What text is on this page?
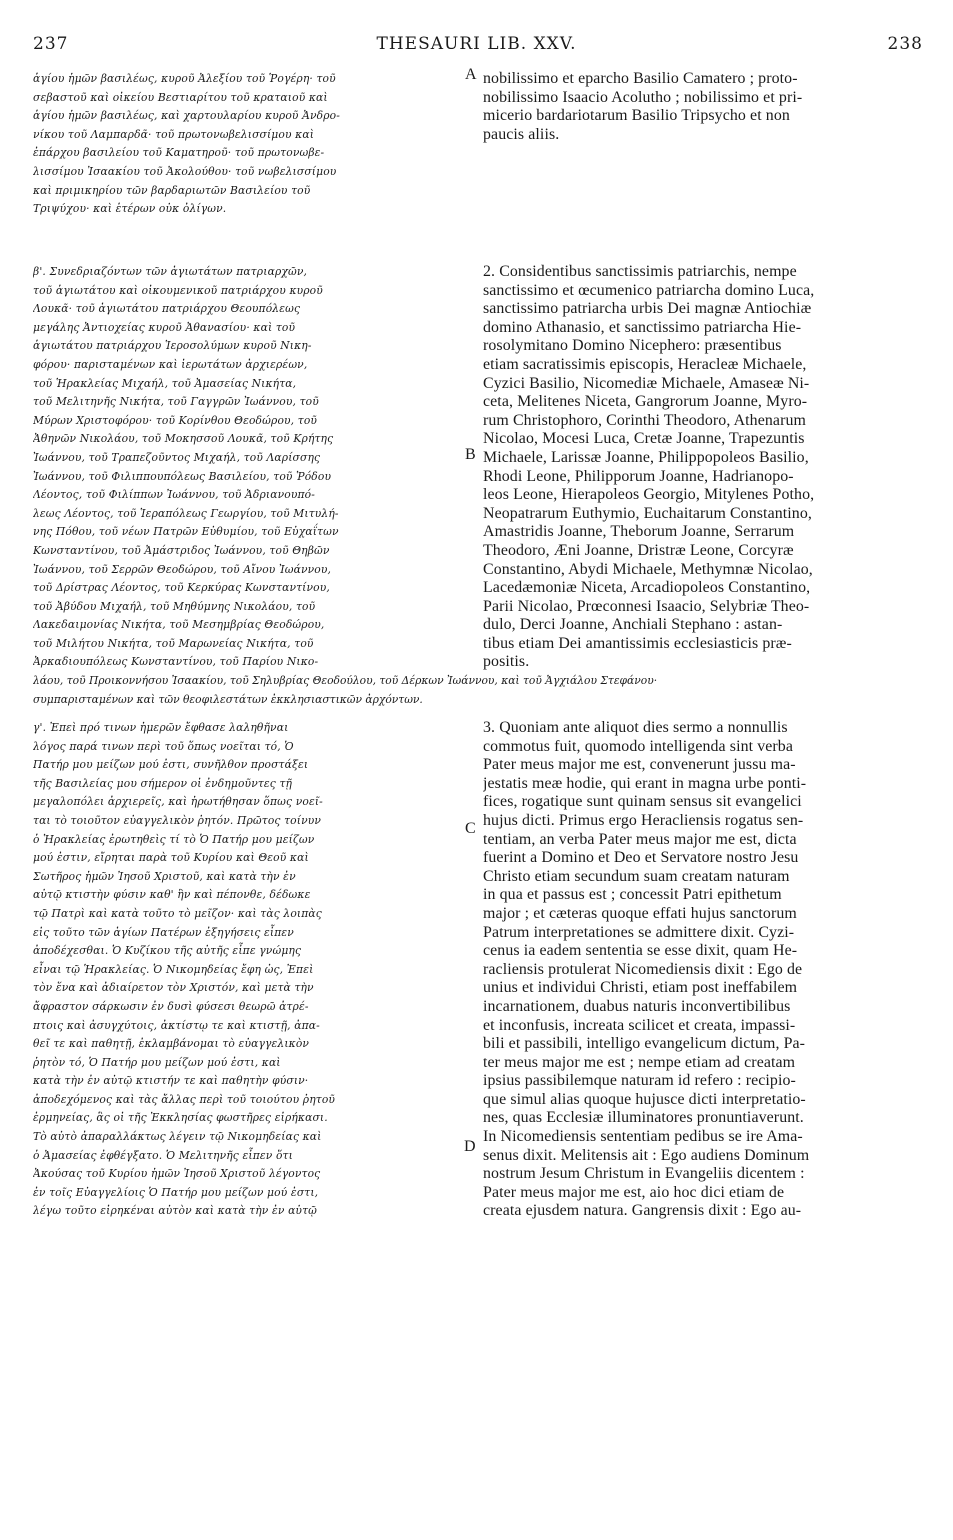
237	THESAURI LIB. XXV.	238
A
B
C
D
ἁγίου ἡμῶν βασιλέως, κυροῦ Ἀλεξίου τοῦ Ῥογέρη· τοῦ
σεβαστοῦ καὶ οἰκείου Βεστιαρίτου τοῦ κραταιοῦ καὶ
ἁγίου ἡμῶν βασιλέως, καὶ χαρτουλαρίου κυροῦ Ἀνδρο-
νίκου τοῦ Λαμπαρδᾶ· τοῦ πρωτονωβελισσίμου καὶ
ἐπάρχου βασιλείου τοῦ Καματηροῦ· τοῦ πρωτονωβε-
λισσίμου Ἰσαακίου τοῦ Ἀκολούθου· τοῦ νωβελισσίμου
καὶ πριμικηρίου τῶν βαρδαριωτῶν Βασιλείου τοῦ
Τριψύχου· καὶ ἑτέρων οὐκ ὀλίγων.
nobilissimo et eparcho Basilio Camatero ; proto-
nobilissimo Isaacio Acolutho ; nobilissimo et pri-
micerio bardariotarum Basilio Tripsycho et non
paucis aliis.
β'. Συνεδριαζόντων τῶν ἁγιωτάτων πατριαρχῶν,
τοῦ ἁγιωτάτου καὶ οἰκουμενικοῦ πατριάρχου κυροῦ
Λουκᾶ· τοῦ ἁγιωτάτου πατριάρχου Θεουπόλεως
μεγάλης Ἀντιοχείας κυροῦ Ἀθανασίου· καὶ τοῦ
ἁγιωτάτου πατριάρχου Ἱεροσολύμων κυροῦ Νικη-
φόρου· παρισταμένων καὶ ἱερωτάτων ἀρχιερέων,
τοῦ Ἡρακλείας Μιχαήλ, τοῦ Ἀμασείας Νικήτα,
τοῦ Μελιτηνῆς Νικήτα, τοῦ Γαγγρῶν Ἰωάννου, τοῦ
Μύρων Χριστοφόρου· τοῦ Κορίνθου Θεοδώρου, τοῦ
Ἀθηνῶν Νικολάου, τοῦ Μοκησσοῦ Λουκᾶ, τοῦ Κρήτης
Ἰωάννου, τοῦ Τραπεζοῦντος Μιχαήλ, τοῦ Λαρίσσης
Ἰωάννου, τοῦ Φιλιππουπόλεως Βασιλείου, τοῦ Ῥόδου
Λέοντος, τοῦ Φιλίππων Ἰωάννου, τοῦ Ἀδριανουπό-
λεως Λέοντος, τοῦ Ἱεραπόλεως Γεωργίου, τοῦ Μιτυλή-
νης Πόθου, τοῦ νέων Πατρῶν Εὐθυμίου, τοῦ Εὐχαΐτων
Κωνσταντίνου, τοῦ Ἀμάστριδος Ἰωάννου, τοῦ Θηβῶν
Ἰωάννου, τοῦ Σερρῶν Θεοδώρου, τοῦ Αἴνου Ἰωάννου,
τοῦ Δρίστρας Λέοντος, τοῦ Κερκύρας Κωνσταντίνου,
τοῦ Ἀβύδου Μιχαήλ, τοῦ Μηθύμνης Νικολάου, τοῦ
Λακεδαιμονίας Νικήτα, τοῦ Μεσημβρίας Θεοδώρου,
τοῦ Μιλήτου Νικήτα, τοῦ Μαρωνείας Νικήτα, τοῦ
Ἀρκαδιουπόλεως Κωνσταντίνου, τοῦ Παρίου Νικο-
2. Considentibus sanctissimis patriarchis, nempe
sanctissimo et œcumenico patriarcha domino Luca,
sanctissimo patriarcha urbis Dei magnæ Antiochiæ
domino Athanasio, et sanctissimo patriarcha Hie-
rosolymitano Domino Nicephero: præsentibus
etiam sacratissimis episcopis, Heracleæ Michaele,
Cyzici Basilio, Nicomediæ Michaele, Amaseæ Ni-
ceta, Melitenes Niceta, Gangrorum Joanne, Myro-
rum Christophoro, Corinthi Theodoro, Athenarum
Nicolao, Mocesi Luca, Cretæ Joanne, Trapezuntis
Michaele, Larissæ Joanne, Philippopoleos Basilio,
Rhodi Leone, Philipporum Joanne, Hadrianopo-
leos Leone, Hierapoleos Georgio, Mitylenes Potho,
Neopatrarum Euthymio, Euchaitarum Constantino,
Amastridis Joanne, Theborum Joanne, Serrarum
Theodoro, Æni Joanne, Dristræ Leone, Corcyræ
Constantino, Abydi Michaele, Methymnæ Nicolao,
Lacedæmoniæ Niceta, Arcadiopoleos Constantino,
Parii Nicolao, Prœconnesi Isaacio, Selybriæ Theo-
dulo, Derci Joanne, Anchiali Stephano : astan-
tibus etiam Dei amantissimis ecclesiasticis præ-
positis.
λάου, τοῦ Προικοννήσου Ἰσαακίου, τοῦ Σηλυβρίας Θεοδούλου, τοῦ Δέρκων Ἰωάννου, καὶ τοῦ Ἀγχιάλου Στεφάνου·
συμπαρισταμένων καὶ τῶν θεοφιλεστάτων ἐκκλησιαστικῶν ἀρχόντων.
γ'. Ἐπεὶ πρό τινων ἡμερῶν ἔφθασε λαληθῆναι
λόγος παρά τινων περὶ τοῦ ὅπως νοεῖται τό, Ὁ
Πατήρ μου μείζων μού ἐστι, συνῆλθον προστάξει
τῆς Βασιλείας μου σήμερον οἱ ἐνδημοῦντες τῇ
μεγαλοπόλει ἀρχιερεῖς, καὶ ἠρωτήθησαν ὅπως νοεῖ-
ται τὸ τοιοῦτον εὐαγγελικὸν ῥητόν. Πρῶτος τοίνυν
ὁ Ἡρακλείας ἐρωτηθεὶς τί τὸ Ὁ Πατήρ μου μείζων
μού ἐστιν, εἴρηται παρὰ τοῦ Κυρίου καὶ Θεοῦ καὶ
Σωτῆρος ἡμῶν Ἰησοῦ Χριστοῦ, καὶ κατὰ τὴν ἐν
αὐτῷ κτιστὴν φύσιν καθ' ἣν καὶ πέπονθε, δέδωκε
τῷ Πατρὶ καὶ κατὰ τοῦτο τὸ μεῖζον· καὶ τὰς λοιπὰς
εἰς τοῦτο τῶν ἁγίων Πατέρων ἐξηγήσεις εἶπεν
ἀποδέχεσθαι. Ὁ Κυζίκου τῆς αὐτῆς εἶπε γνώμης
εἶναι τῷ Ἡρακλείας. Ὁ Νικομηδείας ἔφη ὡς, Ἐπεὶ
τὸν ἕνα καὶ ἀδιαίρετον τὸν Χριστόν, καὶ μετὰ τὴν
ἄφραστον σάρκωσιν ἐν δυσὶ φύσεσι θεωρῶ ἀτρέ-
πτοις καὶ ἀσυγχύτοις, ἀκτίστῳ τε καὶ κτιστῇ, ἀπα-
θεῖ τε καὶ παθητῇ, ἐκλαμβάνομαι τὸ εὐαγγελικὸν
ῥητὸν τό, Ὁ Πατήρ μου μείζων μού ἐστι, καὶ
κατὰ τὴν ἐν αὐτῷ κτιστήν τε καὶ παθητὴν φύσιν·
ἀποδεχόμενος καὶ τὰς ἄλλας περὶ τοῦ τοιούτου ῥητοῦ
ἑρμηνείας, ἃς οἱ τῆς Ἐκκλησίας φωστῆρες εἰρήκασι.
Τὸ αὐτὸ ἀπαραλλάκτως λέγειν τῷ Νικομηδείας καὶ
ὁ Ἀμασείας ἐφθέγξατο. Ὁ Μελιτηνῆς εἶπεν ὅτι
Ἀκούσας τοῦ Κυρίου ἡμῶν Ἰησοῦ Χριστοῦ λέγοντος
ἐν τοῖς Εὐαγγελίοις Ὁ Πατήρ μου μείζων μού ἐστι,
λέγω τοῦτο εἰρηκέναι αὐτὸν καὶ κατὰ τὴν ἐν αὐτῷ
3. Quoniam ante aliquot dies sermo a nonnullis
commotus fuit, quomodo intelligenda sint verba
Pater meus major me est, convenerunt jussu ma-
jestatis meæ hodie, qui erant in magna urbe ponti-
fices, rogatique sunt quinam sensus sit evangelici
hujus dicti. Primus ergo Heracliensis rogatus sen-
tentiam, an verba Pater meus major me est, dicta
fuerint a Domino et Deo et Servatore nostro Jesu
Christo etiam secundum suam creatam naturam
in qua et passus est ; concessit Patri epithetum
major ; et cæteras quoque effati hujus sanctorum
Patrum interpretationes se admittere dixit. Cyzi-
cenus ia eadem sententia se esse dixit, quam He-
racliensis protulerat Nicomediensis dixit : Ego de
unius et individui Christi, etiam post ineffabilem
incarnationem, duabus naturis inconvertibilibus
et inconfusis, increata scilicet et creata, impassi-
bili et passibili, intelligo evangelicum dictum, Pa-
ter meus major me est ; nempe etiam ad creatam
ipsius passibilemque naturam id refero : recipio-
que simul alias quoque hujusce dicti interpretatio-
nes, quas Ecclesiæ illuminatores pronuntiaverunt.
In Nicomediensis sententiam pedibus se ire Ama-
senus dixit. Melitensis ait : Ego audiens Dominum
nostrum Jesum Christum in Evangeliis dicentem :
Pater meus major me est, aio hoc dici etiam de
creata ejusdem natura. Gangrensis dixit : Ego au-
